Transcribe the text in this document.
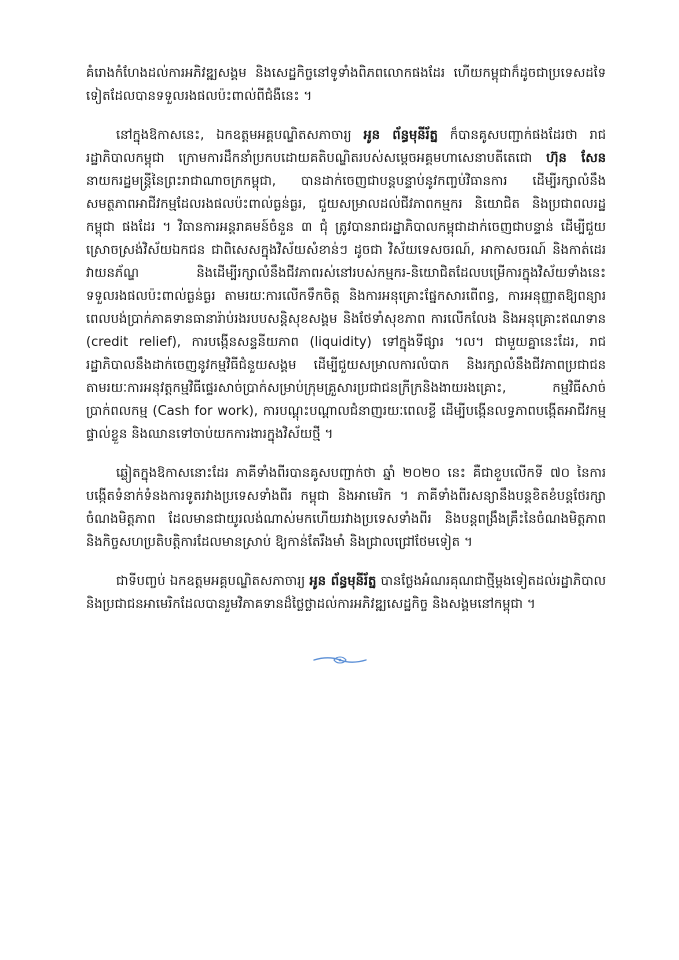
គំរោងកំហែងដល់ការអភិវឌ្ឍសង្គម និងសេដ្ឋកិច្ចនៅទូទាំងពិភពលោកផងដែរ ហើយកម្ពុជាក៏ដូចជាប្រទេសដទៃទៀតដែលបានទទួលរងផលប៉ះពាល់ពីជំងឺនេះ ។

នៅក្នុងឱកាសនេះ, ឯកឧត្តមអគ្គបណ្ឌិតសភាចារ្យ អូន ព័ន្ធមុនីរ័ត្ន ក៏បានគូសបញ្ជាក់ផងដែរថា រាជរដ្ឋាភិបាលកម្ពុជា ក្រោមការដឹកនាំប្រកបដោយគតិបណ្ឌិតរបស់សម្តេចអគ្គមហាសេនាបតីតេជោ ហ៊ុន សែន នាយករដ្ឋមន្ត្រីនៃព្រះរាជាណាចក្រកម្ពុជា, បានដាក់ចេញជាបន្តបន្ទាប់នូវកញ្ចប់វិធានការ ដើម្បីរក្សាលំនឹងសមត្ថភាពអាជីវកម្មដែលរងផលប៉ះពាល់ធ្ងន់ធ្ងរ, ជួយសម្រាលដល់ជីវភាពកម្មករ និយោជិត និងប្រជាពលរដ្ឋកម្ពុជា ផងដែរ ។ វិធានការអន្តរាគមន៍ចំនួន ៣ ជុំ ត្រូវបានរាជរដ្ឋាភិបាលកម្ពុជាដាក់ចេញជាបន្ទាន់ ដើម្បីជួយស្រោចស្រង់វិស័យឯកជន ជាពិសេសក្នុងវិស័យសំខាន់ៗ ដូចជា វិស័យទេសចរណ៍, អាកាសចរណ៍ និងកាត់ដេរវាយនភ័ណ្ឌ និងដើម្បីរក្សាលំនឹងជីវភាពរស់នៅរបស់កម្មករ-និយោជិតដែលបម្រើការក្នុងវិស័យទាំងនេះទទួលរងផលប៉ះពាល់ធ្ងន់ធ្ងរ តាមរយៈការលើកទឹកចិត្ត និងការអនុគ្រោះផ្នែកសារពើពន្ធ, ការអនុញ្ញាតឱ្យពន្យារពេលបង់ប្រាក់ភាគទានធានារ៉ាប់រងរបបសន្តិសុខសង្គម និងថែទាំសុខភាព ការលើកលែង និងអនុគ្រោះឥណទាន (credit relief), ការបង្កើនសន្ទនីយភាព (liquidity) ទៅក្នុងទីផ្សារ ។ល។ ជាមួយគ្នានេះដែរ, រាជរដ្ឋាភិបាលនឹងដាក់ចេញនូវកម្មវិធីជំនួយសង្គម ដើម្បីជួយសម្រាលការលំបាក និងរក្សាលំនឹងជីវភាពប្រជាជន តាមរយៈការអនុវត្តកម្មវិធីផ្ទេរសាច់ប្រាក់សម្រាប់ក្រុមគ្រួសារប្រជាជនក្រីក្រនិងងាយរងគ្រោះ, កម្មវិធីសាច់ប្រាក់ពលកម្ម (Cash for work), ការបណ្តុះបណ្តាលជំនាញរយៈពេលខ្លី ដើម្បីបង្កើនលទ្ធភាពបង្កើតអាជីវកម្មផ្ទាល់ខ្លួន និងឈានទៅចាប់យកការងារក្នុងវិស័យថ្មី ។

ឆ្លៀតក្នុងឱកាសនោះដែរ ភាគីទាំងពីរបានគូសបញ្ជាក់ថា ឆ្នាំ ២០២០ នេះ គឺជាខួបលើកទី ៧០ នៃការបង្កើតទំនាក់ទំនងការទូតរវាងប្រទេសទាំងពីរ កម្ពុជា និងអាមេរិក ។ ភាគីទាំងពីរសន្យានឹងបន្តខិតខំបន្តថែរក្សាចំណងមិត្តភាព ដែលមានជាយូរលង់ណាស់មកហើយរវាងប្រទេសទាំងពីរ និងបន្តពង្រឹងគ្រឹះនៃចំណងមិត្តភាព និងកិច្ចសហប្រតិបត្តិការដែលមានស្រាប់ ឱ្យកាន់តែរឹងមាំ និងជ្រាលជ្រៅថែមទៀត ។

ជាទីបញ្ចប់ ឯកឧត្តមអគ្គបណ្ឌិតសភាចារ្យ អូន ព័ន្ធមុនីរ័ត្ន បានថ្លែងអំណរគុណជាថ្មីម្តងទៀតដល់រដ្ឋាភិបាល និងប្រជាជនអាមេរិកដែលបានរួមវិភាគទានដ៏ថ្លៃថ្លាដល់ការអភិវឌ្ឍសេដ្ឋកិច្ច និងសង្គមនៅកម្ពុជា ។
